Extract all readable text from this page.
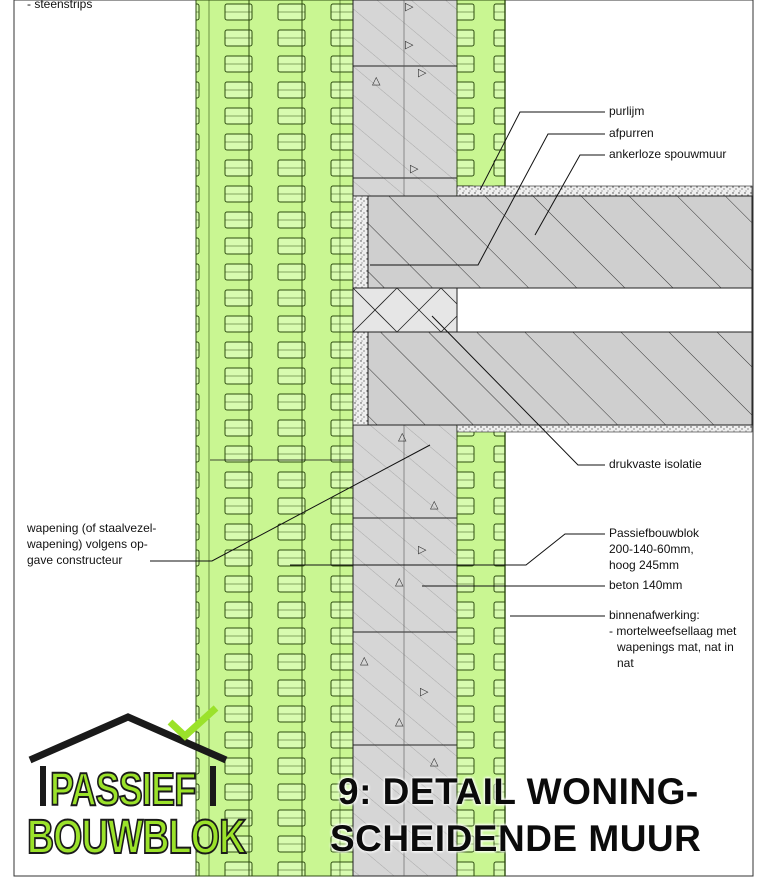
▷
▷
△
▷
▷
△
▷
△
△
△
▷
△
△
- steenstrips
purlijm
afpurren
ankerloze spouwmuur
drukvaste isolatie
Passiefbouwblok
200-140-60mm,
hoog 245mm
beton 140mm
binnenafwerking:
- mortelweefsellaag met
wapenings mat, nat in
nat
wapening (of staalvezel-
wapening) volgens op-
gave constructeur
PASSIEF
BOUWBLOK
9: DETAIL WONING-
SCHEIDENDE MUUR
